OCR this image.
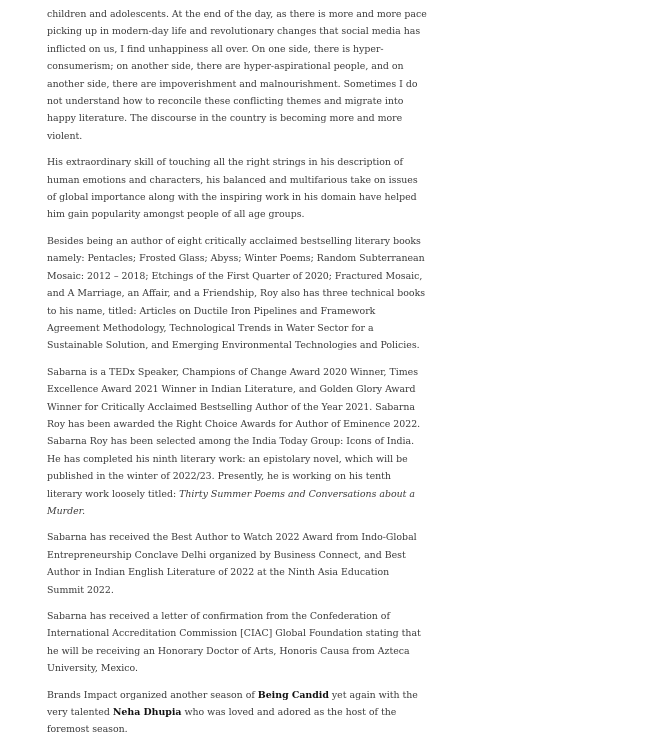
children and adolescents. At the end of the day, as there is more and more pace picking up in modern-day life and revolutionary changes that social media has inflicted on us, I find unhappiness all over. On one side, there is hyper-consumerism; on another side, there are hyper-aspirational people, and on another side, there are impoverishment and malnourishment. Sometimes I do not understand how to reconcile these conflicting themes and migrate into happy literature. The discourse in the country is becoming more and more violent.

His extraordinary skill of touching all the right strings in his description of human emotions and characters, his balanced and multifarious take on issues of global importance along with the inspiring work in his domain have helped him gain popularity amongst people of all age groups.

Besides being an author of eight critically acclaimed bestselling literary books namely: Pentacles; Frosted Glass; Abyss; Winter Poems; Random Subterranean Mosaic: 2012 – 2018; Etchings of the First Quarter of 2020; Fractured Mosaic, and A Marriage, an Affair, and a Friendship, Roy also has three technical books to his name, titled: Articles on Ductile Iron Pipelines and Framework Agreement Methodology, Technological Trends in Water Sector for a Sustainable Solution, and Emerging Environmental Technologies and Policies.

Sabarna is a TEDx Speaker, Champions of Change Award 2020 Winner, Times Excellence Award 2021 Winner in Indian Literature, and Golden Glory Award Winner for Critically Acclaimed Bestselling Author of the Year 2021. Sabarna Roy has been awarded the Right Choice Awards for Author of Eminence 2022. Sabarna Roy has been selected among the India Today Group: Icons of India. He has completed his ninth literary work: an epistolary novel, which will be published in the winter of 2022/23. Presently, he is working on his tenth literary work loosely titled: Thirty Summer Poems and Conversations about a Murder.

Sabarna has received the Best Author to Watch 2022 Award from Indo-Global Entrepreneurship Conclave Delhi organized by Business Connect, and Best Author in Indian English Literature of 2022 at the Ninth Asia Education Summit 2022.

Sabarna has received a letter of confirmation from the Confederation of International Accreditation Commission [CIAC] Global Foundation stating that he will be receiving an Honorary Doctor of Arts, Honoris Causa from Azteca University, Mexico.

Brands Impact organized another season of Being Candid yet again with the very talented Neha Dhupia who was loved and adored as the host of the foremost season.
